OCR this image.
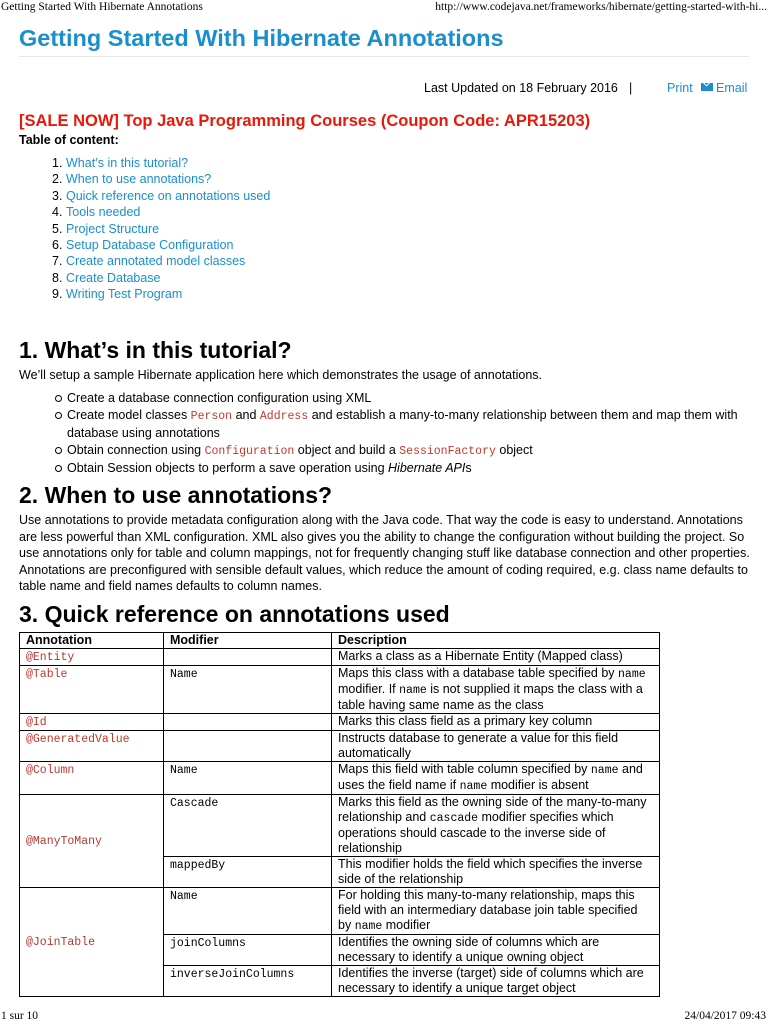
Getting Started With Hibernate Annotations	http://www.codejava.net/frameworks/hibernate/getting-started-with-hi...
Getting Started With Hibernate Annotations
Last Updated on 18 February 2016 |	Print	Email
[SALE NOW] Top Java Programming Courses (Coupon Code: APR15203)
Table of content:
1. What’s in this tutorial?
2. When to use annotations?
3. Quick reference on annotations used
4. Tools needed
5. Project Structure
6. Setup Database Configuration
7. Create annotated model classes
8. Create Database
9. Writing Test Program
1. What’s in this tutorial?

We’ll setup a sample Hibernate application here which demonstrates the usage of annotations.

Create a database connection configuration using XML
Create model classes Person and Address and establish a many-to-many relationship between them and map them with database using annotations
Obtain connection using Configuration object and build a SessionFactory object
Obtain Session objects to perform a save operation using Hibernate APIs
2. When to use annotations?

Use annotations to provide metadata configuration along with the Java code. That way the code is easy to understand. Annotations are less powerful than XML configuration. XML also gives you the ability to change the configuration without building the project. So use annotations only for table and column mappings, not for frequently changing stuff like database connection and other properties. Annotations are preconfigured with sensible default values, which reduce the amount of coding required, e.g. class name defaults to table name and field names defaults to column names.

3. Quick reference on annotations used
Annotation	Modifier	Description
@Entity		Marks a class as a Hibernate Entity (Mapped class)
@Table	Name	Maps this class with a database table specified by name modifier. If name is not supplied it maps the class with a table having same name as the class
@Id		Marks this class field as a primary key column
@GeneratedValue		Instructs database to generate a value for this field automatically
@Column	Name	Maps this field with table column specified by name and uses the field name if name modifier is absent
@ManyToMany	Cascade	Marks this field as the owning side of the many-to-many relationship and cascade modifier specifies which operations should cascade to the inverse side of relationship
	mappedBy	This modifier holds the field which specifies the inverse side of the relationship
@JoinTable	Name	For holding this many-to-many relationship, maps this field with an intermediary database join table specified by name modifier
	joinColumns	Identifies the owning side of columns which are necessary to identify a unique owning object
	inverseJoinColumns	Identifies the inverse (target) side of columns which are necessary to identify a unique target object
1 sur 10	24/04/2017 09:43
